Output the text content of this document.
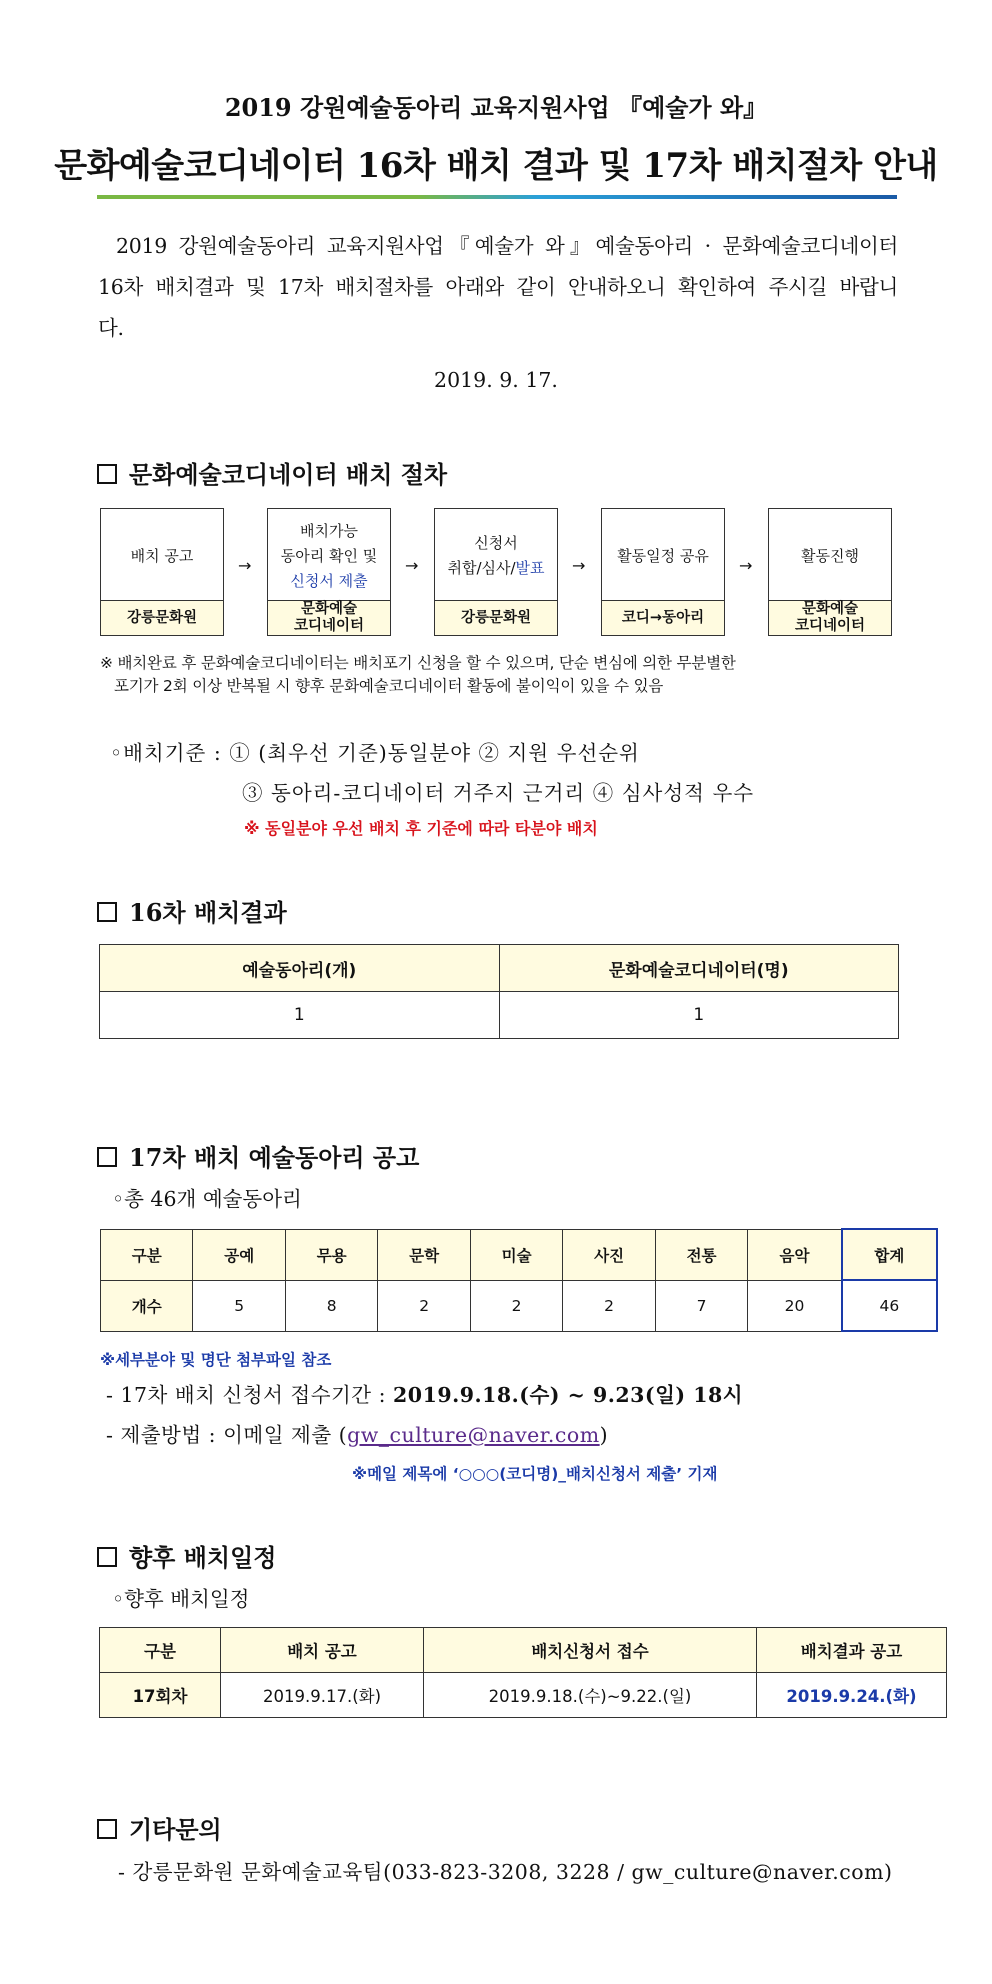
2019 강원예술동아리 교육지원사업 『예술가 와』
문화예술코디네이터 16차 배치 결과 및 17차 배치절차 안내

2019 강원예술동아리 교육지원사업『예술가 와』예술동아리 · 문화예술코디네이터

16차 배치결과 및 17차 배치절차를 아래와 같이 안내하오니 확인하여 주시길 바랍니

다.

2019. 9. 17.
문화예술코디네이터 배치 절차
배치 공고
강릉문화원
→
배치가능
동아리 확인 및
신청서 제출
문화예술
코디네이터
→
신청서
취합/심사/발표
강릉문화원
→
활동일정 공유
코디→동아리
→
활동진행
문화예술
코디네이터
※ 배치완료 후 문화예술코디네이터는 배치포기 신청을 할 수 있으며, 단순 변심에 의한 무분별한
포기가 2회 이상 반복될 시 향후 문화예술코디네이터 활동에 불이익이 있을 수 있음
◦배치기준 : ① (최우선 기준)동일분야 ② 지원 우선순위
③ 동아리-코디네이터 거주지 근거리 ④ 심사성적 우수
※ 동일분야 우선 배치 후 기준에 따라 타분야 배치
16차 배치결과
예술동아리(개)	문화예술코디네이터(명)
1	1
17차 배치 예술동아리 공고
◦총 46개 예술동아리
구분	공예	무용	문학	미술	사진	전통	음악	합계
개수	5	8	2	2	2	7	20	46
※세부분야 및 명단 첨부파일 참조
- 17차 배치 신청서 접수기간 : 2019.9.18.(수) ~ 9.23(일) 18시
- 제출방법 : 이메일 제출 (gw_culture@naver.com)
※메일 제목에 ‘○○○(코디명)_배치신청서 제출’ 기재
향후 배치일정
◦향후 배치일정
구분	배치 공고	배치신청서 접수	배치결과 공고
17회차	2019.9.17.(화)	2019.9.18.(수)~9.22.(일)	2019.9.24.(화)
기타문의
- 강릉문화원 문화예술교육팀(033-823-3208, 3228 / gw_culture@naver.com)
